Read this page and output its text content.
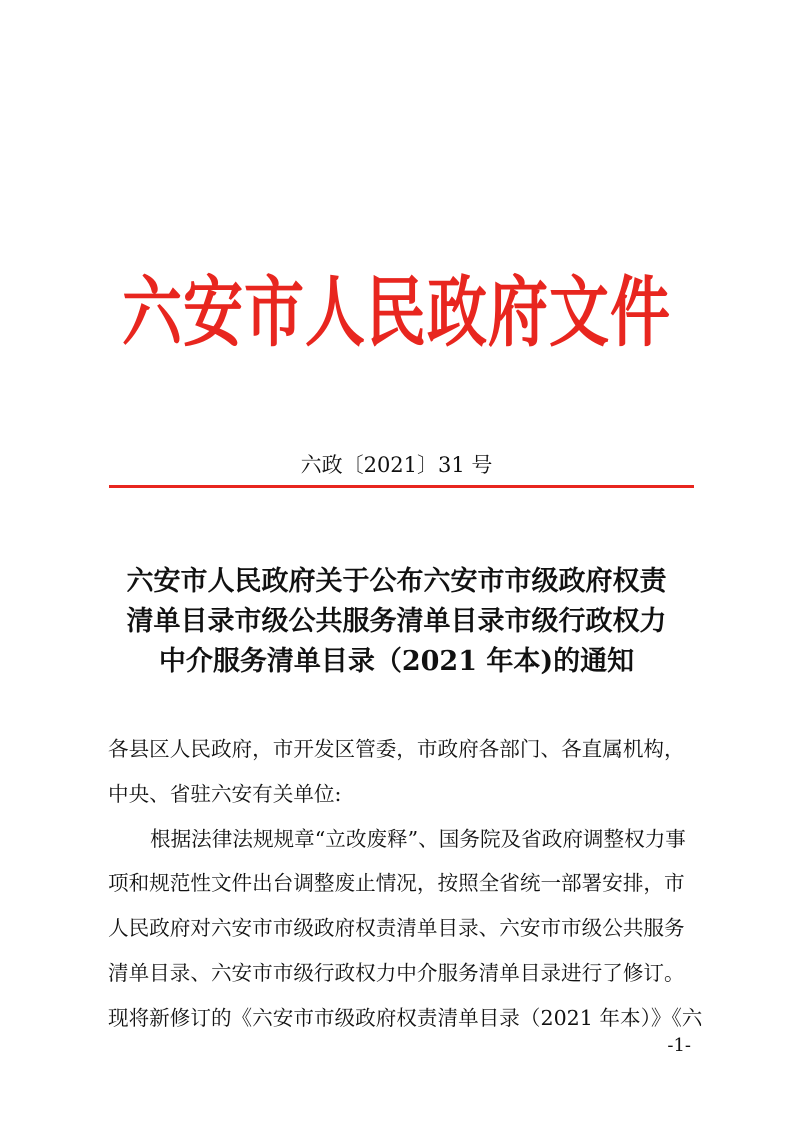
六安市人民政府文件
六政〔2021〕31 号
六安市人民政府关于公布六安市市级政府权责
清单目录市级公共服务清单目录市级行政权力
中介服务清单目录（2021 年本)的通知
各县区人民政府，市开发区管委，市政府各部门、各直属机构，
中央、省驻六安有关单位:
根据法律法规规章“立改废释”、国务院及省政府调整权力事
项和规范性文件出台调整废止情况，按照全省统一部署安排，市
人民政府对六安市市级政府权责清单目录、六安市市级公共服务
清单目录、六安市市级行政权力中介服务清单目录进行了修订。
现将新修订的《六安市市级政府权责清单目录（2021 年本）》《六
-1-
